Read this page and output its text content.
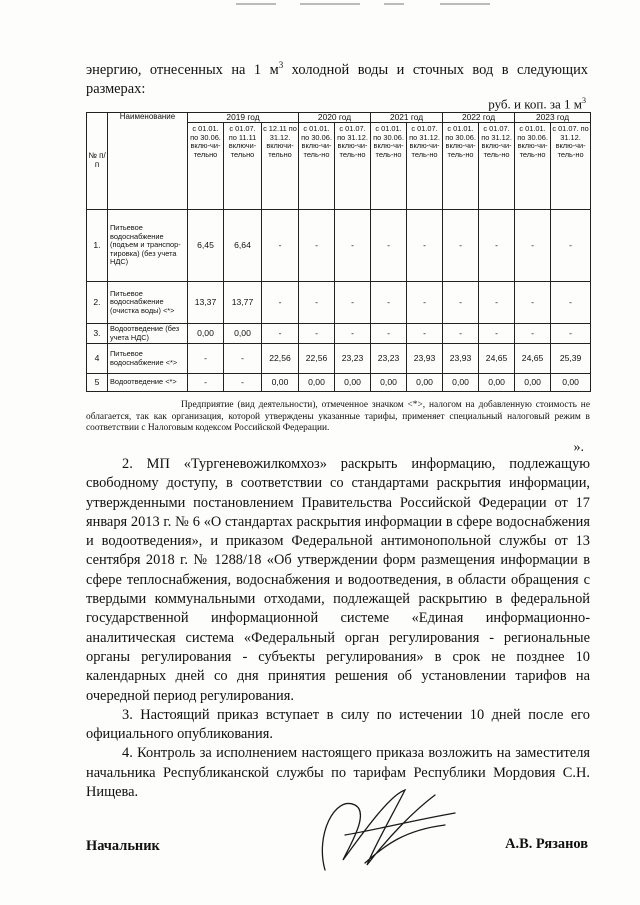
энергию, отнесенных на 1 $м^3$ холодной воды и сточных вод в следующих размерах:
руб. и коп. за 1 $м^3$
№ п/п	Наименование	2019 год			2020 год		2021 год		2022 год		2023 год	
		с 01.01. по 30.06. вклю-чи-тельно	с 01.07. по 11.11 включи-тельно	с 12.11 по 31.12. включи-тельно	с 01.01. по 30.06. вклю-чи-тель-но	с 01.07. по 31.12. вклю-чи-тель-но	с 01.01. по 30.06. вклю-чи-тель-но	с 01.07. по 31.12. вклю-чи-тель-но	с 01.01. по 30.06. вклю-чи-тель-но	с 01.07. по 31.12. вклю-чи-тель-но	с 01.01. по 30.06. вклю-чи-тель-но	с 01.07. по 31.12. вклю-чи-тель-но
1.	Питьевое водоснабжение (подъем и транспор-тировка) (без учета НДС)	6,45	6,64	-	-	-	-	-	-	-	-	-
2.	Питьевое водоснабжение (очистка воды) <*>	13,37	13,77	-	-	-	-	-	-	-	-	-
3.	Водоотведение (без учета НДС)	0,00	0,00	-	-	-	-	-	-	-	-	-
4	Питьевое водоснабжение <*>	-	-	22,56	22,56	23,23	23,23	23,93	23,93	24,65	24,65	25,39
5	Водоотведение <*>	-	-	0,00	0,00	0,00	0,00	0,00	0,00	0,00	0,00	0,00
Предприятие (вид деятельности), отмеченное значком <*>, налогом на добавленную стоимость не облагается, так как организация, которой утверждены указанные тарифы, применяет специальный налоговый режим в соответствии с Налоговым кодексом Российской Федерации.
».

2. МП «Тургеневожилкомхоз» раскрыть информацию, подлежащую свободному доступу, в соответствии со стандартами раскрытия информации, утвержденными постановлением Правительства Российской Федерации от 17 января 2013 г. № 6 «О стандартах раскрытия информации в сфере водоснабжения и водоотведения», и приказом Федеральной антимонопольной службы от 13 сентября 2018 г. № 1288/18 «Об утверждении форм размещения информации в сфере теплоснабжения, водоснабжения и водоотведения, в области обращения с твердыми коммунальными отходами, подлежащей раскрытию в федеральной государственной информационной системе «Единая информационно-аналитическая система «Федеральный орган регулирования - региональные органы регулирования - субъекты регулирования» в срок не позднее 10 календарных дней со дня принятия решения об установлении тарифов на очередной период регулирования.

3. Настоящий приказ вступает в силу по истечении 10 дней после его официального опубликования.

4. Контроль за исполнением настоящего приказа возложить на заместителя начальника Республиканской службы по тарифам Республики Мордовия С.Н. Нищева.

Начальник	А.В. Рязанов
